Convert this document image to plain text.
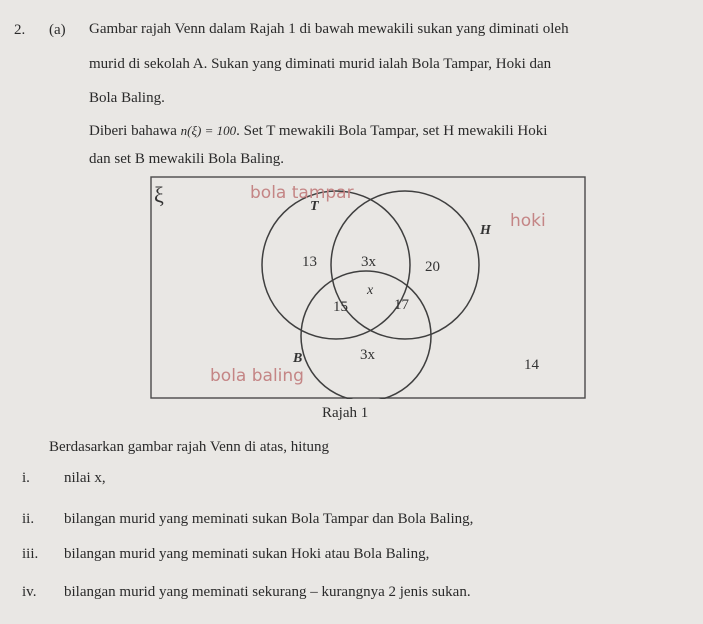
2. (a) Gambar rajah Venn dalam Rajah 1 di bawah mewakili sukan yang diminati oleh
murid di sekolah A. Sukan yang diminati murid ialah Bola Tampar, Hoki dan
Bola Baling.
Diberi bahawa n(ξ) = 100. Set T mewakili Bola Tampar, set H mewakili Hoki
dan set B mewakili Bola Baling.
ξ	T
H
B
13	3x	20
x
15	17
3x
14
bola tampar
hoki
bola baling
Rajah 1
Berdasarkan gambar rajah Venn di atas, hitung
i. nilai x,
ii. bilangan murid yang meminati sukan Bola Tampar dan Bola Baling,
iii. bilangan murid yang meminati sukan Hoki atau Bola Baling,
iv. bilangan murid yang meminati sekurang – kurangnya 2 jenis sukan.
